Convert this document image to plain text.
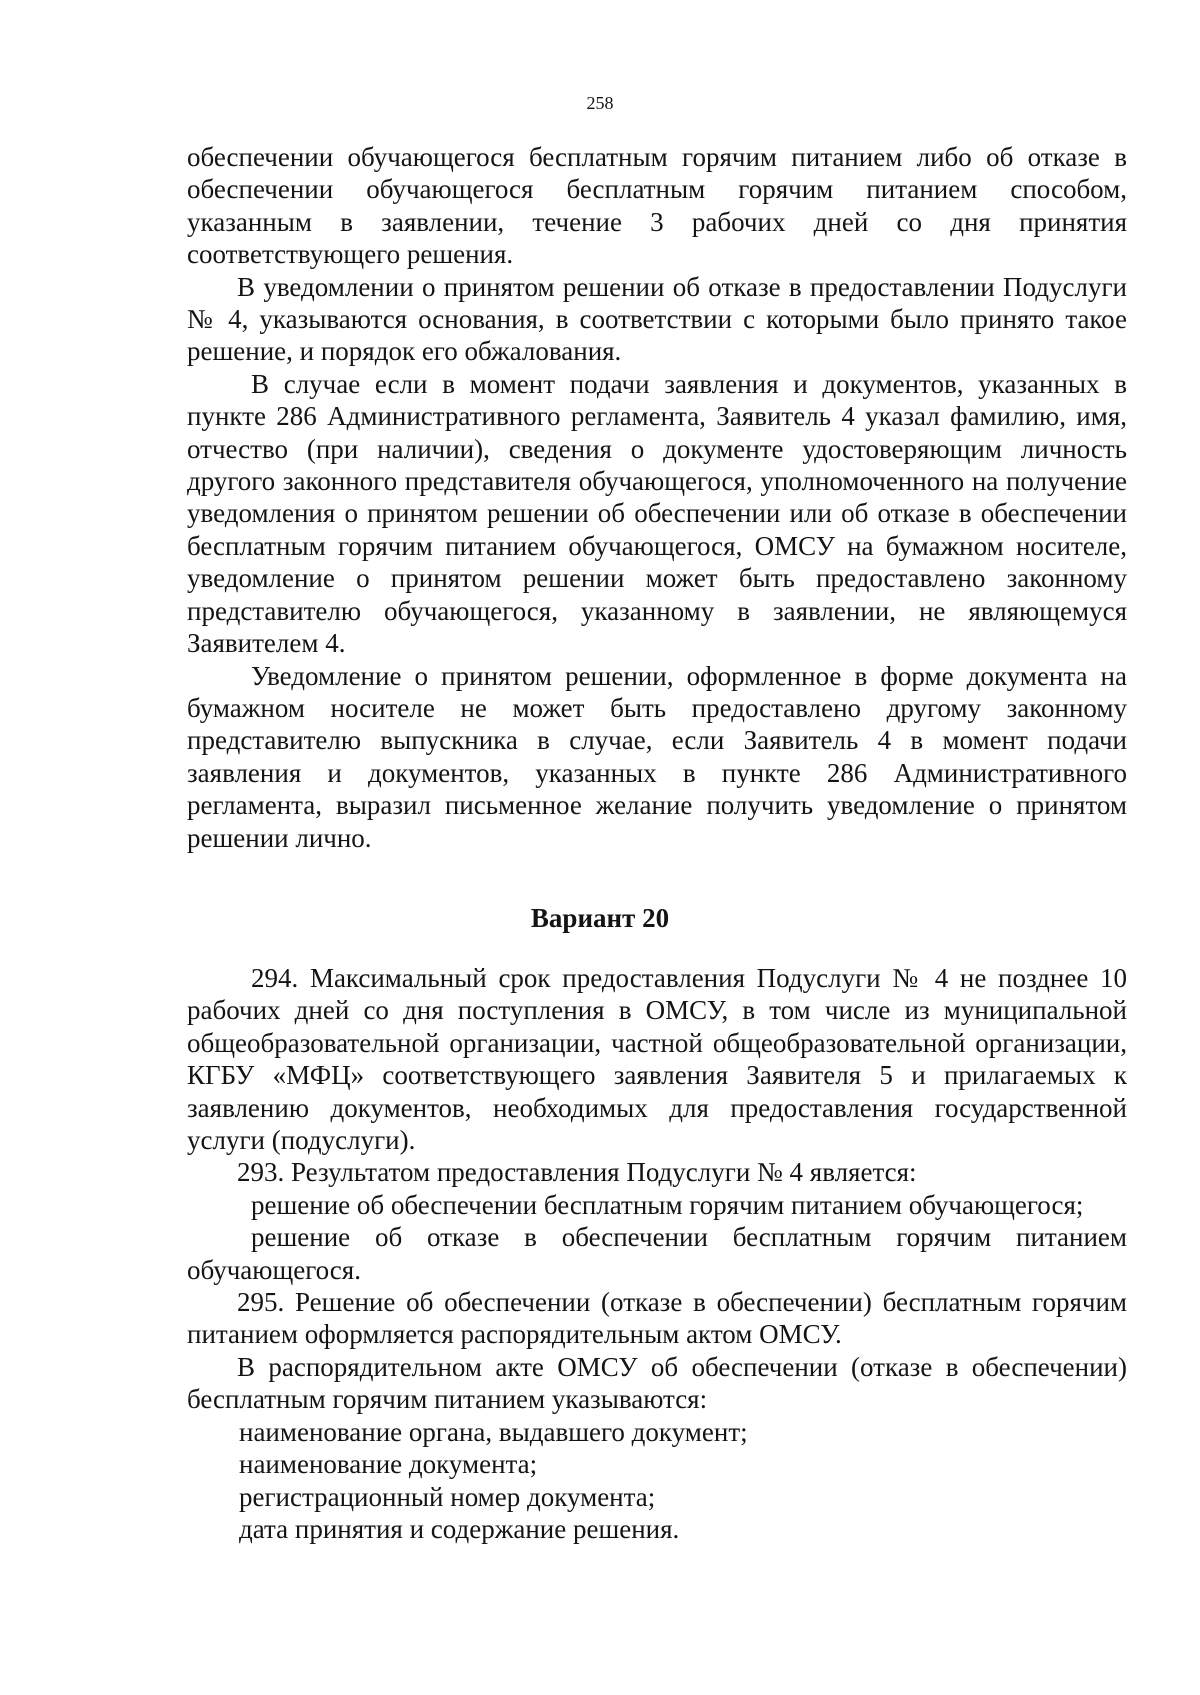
258

обеспечении обучающегося бесплатным горячим питанием либо об отказе в обеспечении обучающегося бесплатным горячим питанием способом, указанным в заявлении, течение 3 рабочих дней со дня принятия соответствующего решения.

В уведомлении о принятом решении об отказе в предоставлении Подуслуги № 4, указываются основания, в соответствии с которыми было принято такое решение, и порядок его обжалования.

В случае если в момент подачи заявления и документов, указанных в пункте 286 Административного регламента, Заявитель 4 указал фамилию, имя, отчество (при наличии), сведения о документе удостоверяющим личность другого законного представителя обучающегося, уполномоченного на получение уведомления о принятом решении об обеспечении или об отказе в обеспечении бесплатным горячим питанием обучающегося, ОМСУ на бумажном носителе, уведомление о принятом решении может быть предоставлено законному представителю обучающегося, указанному в заявлении, не являющемуся Заявителем 4.

Уведомление о принятом решении, оформленное в форме документа на бумажном носителе не может быть предоставлено другому законному представителю выпускника в случае, если Заявитель 4 в момент подачи заявления и документов, указанных в пункте 286 Административного регламента, выразил письменное желание получить уведомление о принятом решении лично.

Вариант 20

294. Максимальный срок предоставления Подуслуги № 4 не позднее 10 рабочих дней со дня поступления в ОМСУ, в том числе из муниципальной общеобразовательной организации, частной общеобразовательной организации, КГБУ «МФЦ» соответствующего заявления Заявителя 5 и прилагаемых к заявлению документов, необходимых для предоставления государственной услуги (подуслуги).

293. Результатом предоставления Подуслуги № 4 является:

решение об обеспечении бесплатным горячим питанием обучающегося;

решение об отказе в обеспечении бесплатным горячим питанием обучающегося.

295. Решение об обеспечении (отказе в обеспечении) бесплатным горячим питанием оформляется распорядительным актом ОМСУ.

В распорядительном акте ОМСУ об обеспечении (отказе в обеспечении) бесплатным горячим питанием указываются:

наименование органа, выдавшего документ;

наименование документа;

регистрационный номер документа;

дата принятия и содержание решения.
